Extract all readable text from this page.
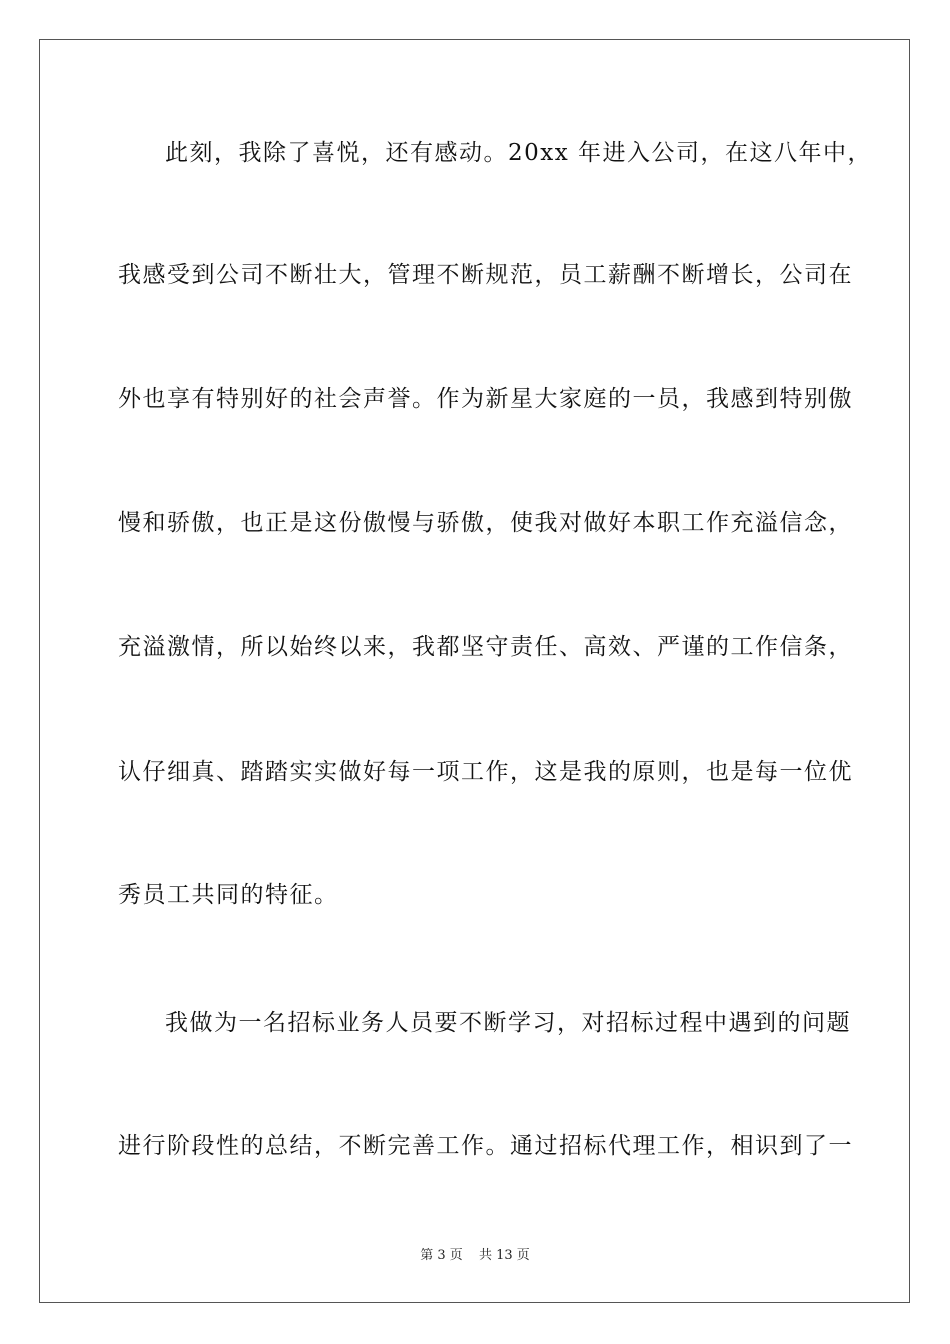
此刻，我除了喜悦，还有感动。20xx 年进入公司，在这八年中，
我感受到公司不断壮大，管理不断规范，员工薪酬不断增长，公司在
外也享有特别好的社会声誉。作为新星大家庭的一员，我感到特别傲
慢和骄傲，也正是这份傲慢与骄傲，使我对做好本职工作充溢信念，
充溢激情，所以始终以来，我都坚守责任、高效、严谨的工作信条，
认仔细真、踏踏实实做好每一项工作，这是我的原则，也是每一位优
秀员工共同的特征。
我做为一名招标业务人员要不断学习，对招标过程中遇到的问题
进行阶段性的总结，不断完善工作。通过招标代理工作，相识到了一
第 3 页 共 13 页
